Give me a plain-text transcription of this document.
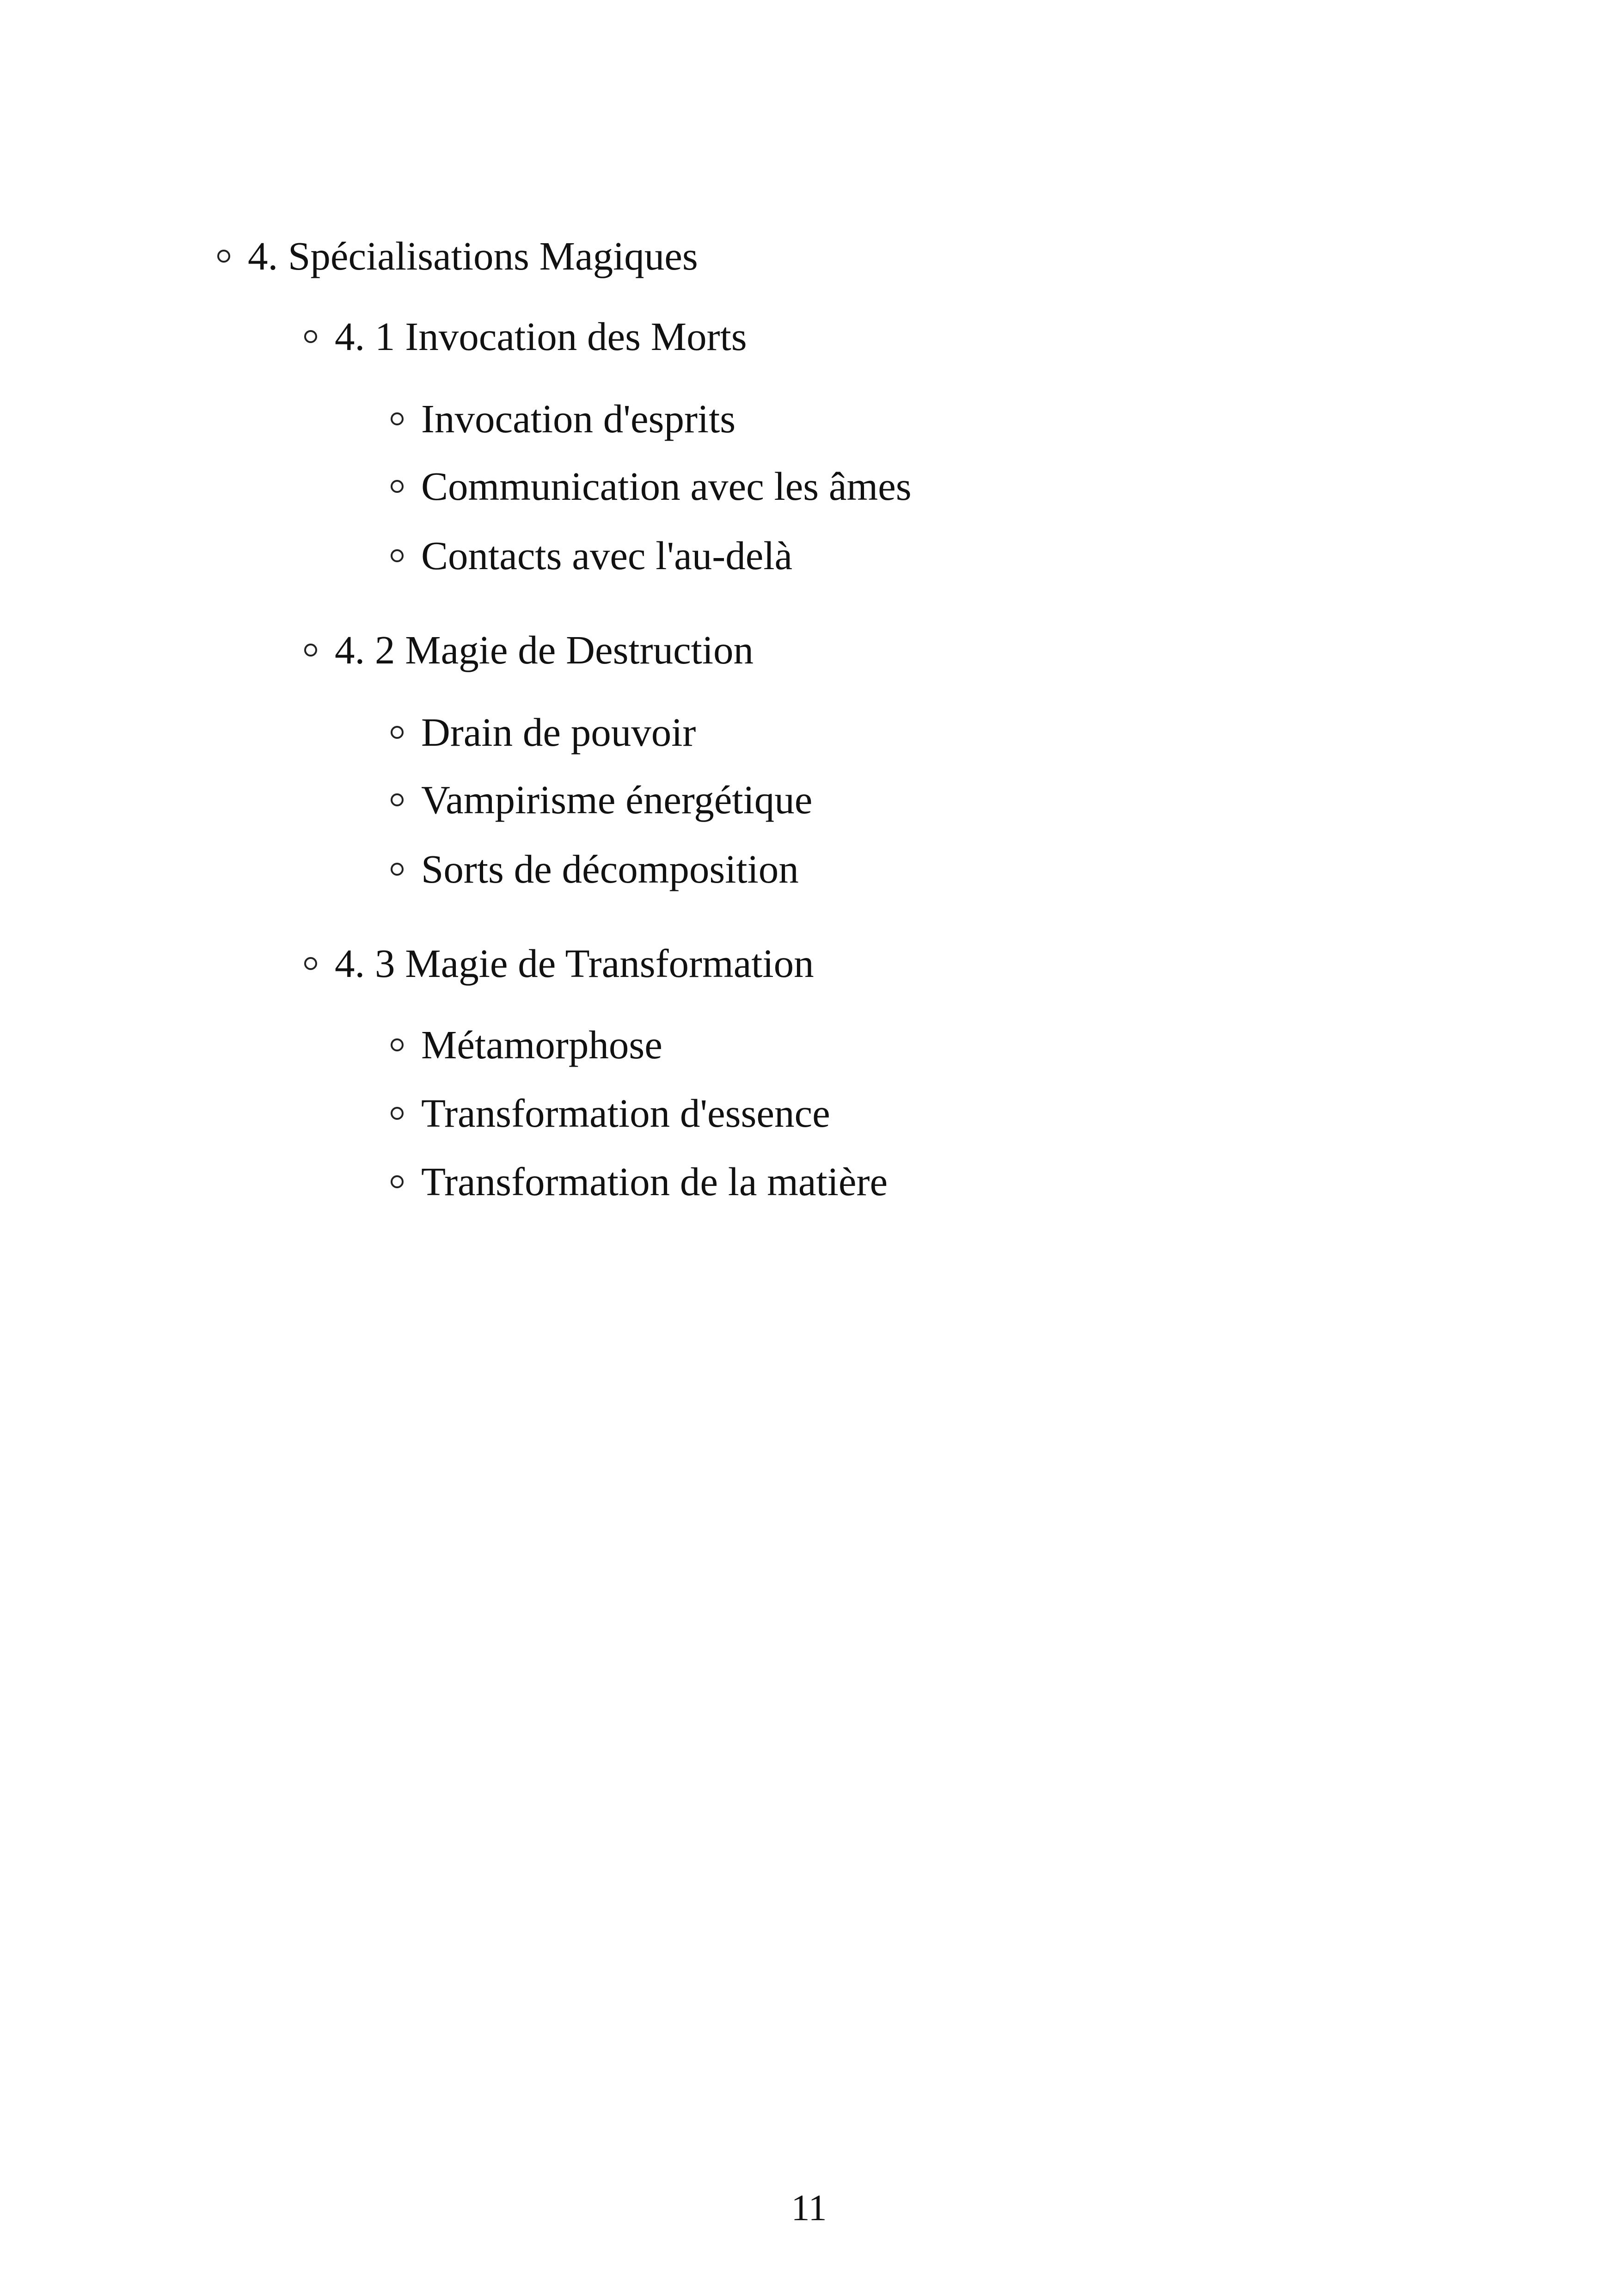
4. Spécialisations Magiques
4. 1 Invocation des Morts
Invocation d'esprits
Communication avec les âmes
Contacts avec l'au-delà
4. 2 Magie de Destruction
Drain de pouvoir
Vampirisme énergétique
Sorts de décomposition
4. 3 Magie de Transformation
Métamorphose
Transformation d'essence
Transformation de la matière
11
